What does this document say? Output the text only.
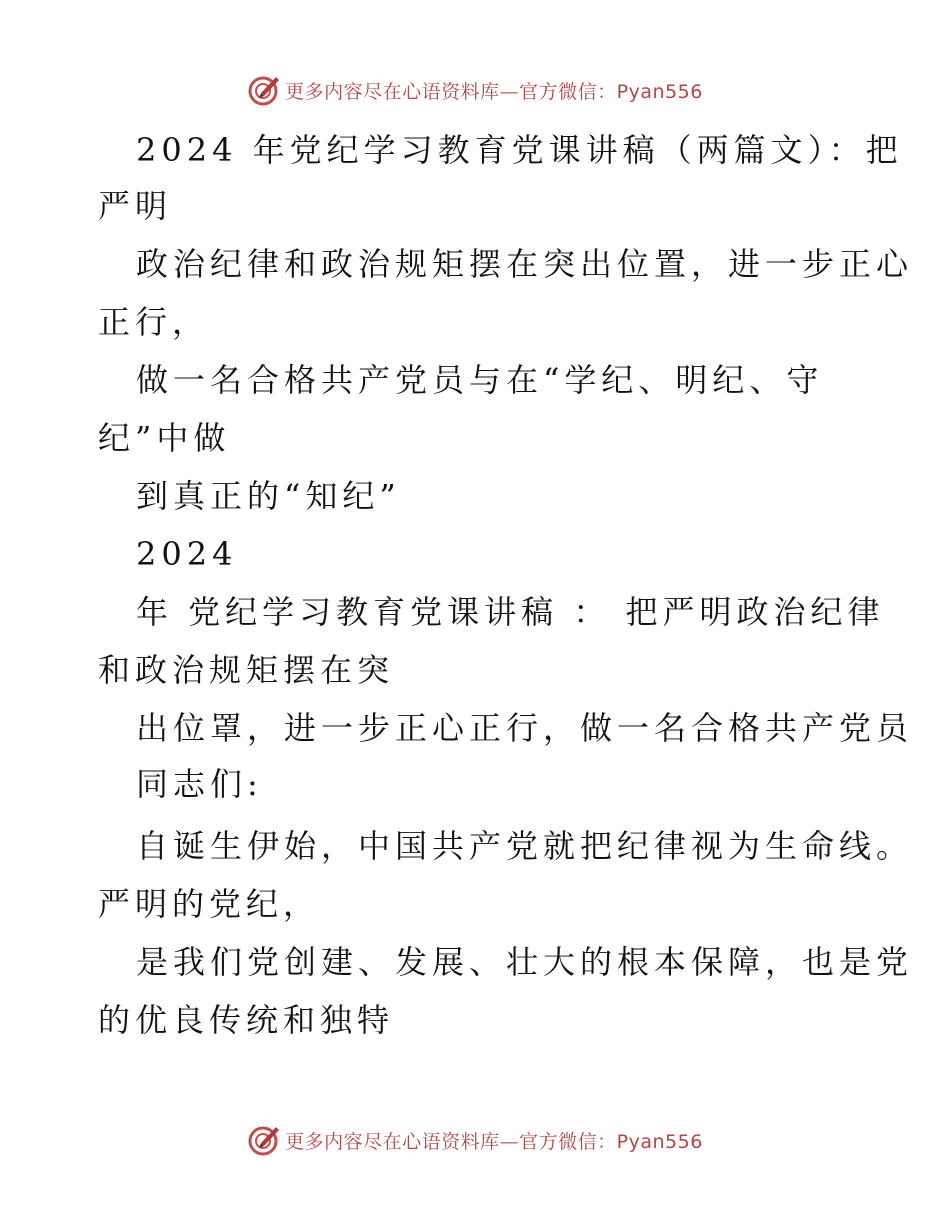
更多内容尽在心语资料库—官方微信：Pyan556
2024 年党纪学习教育党课讲稿（两篇文）：把
严明
政治纪律和政治规矩摆在突出位置，进一步正心
正行，
做一名合格共产党员与在“学纪、明纪、守
纪”中做
到真正的“知纪”
2024
年 党纪学习教育党课讲稿 ： 把严明政治纪律
和政治规矩摆在突
出位罩，进一步正心正行，做一名合格共产党员
同志们:
自诞生伊始，中国共产党就把纪律视为生命线。
严明的党纪，
是我们党创建、发展、壮大的根本保障，也是党
的优良传统和独特
更多内容尽在心语资料库—官方微信：Pyan556
